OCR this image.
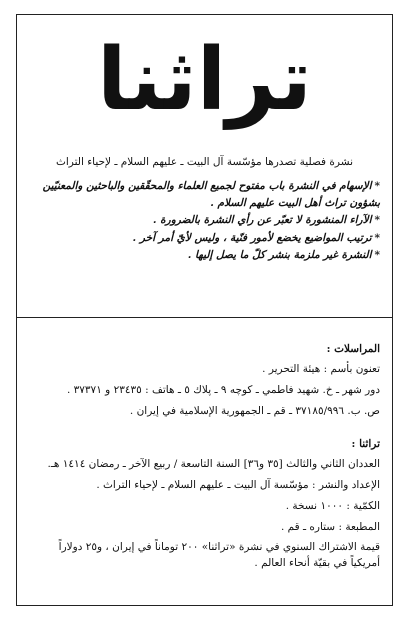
تراثنا
نشرة فصلية تصدرها مؤسّسة آل البيت ـ عليهم السلام ـ لإحياء التراث

*الإسهام في النشرة باب مفتوح لجميع العلماء والمحقّقين والباحثين والمعنيّين بشؤون تراث أهل البيت عليهم السلام .

*الآراء المنشورة لا تعبّر عن رأي النشرة بالضرورة .

*ترتيب المواضيع يخضع لأمور فنّية ، وليس لأيّ أمر آخر .

*النشرة غير ملزمة بنشر كلّ ما يصل إليها .

المراسلات :

تعنون بأسم : هيئة التحرير .

دور شهر ـ خ. شهيد فاطمي ـ كوچه ۹ ـ پلاك ٥ ـ هاتف : ٢٣٤٣٥ و ٣٧٣٧١ .

ص. ب. ٣٧١٨٥/٩٩٦ ـ قم ـ الجمهورية الإسلامية في إيران .

تراثنا :

العددان الثاني والثالث [٣٥ و٣٦] السنة التاسعة / ربيع الآخر ـ رمضان ١٤١٤ هـ.

الإعداد والنشر : مؤسّسة آل البيت ـ عليهم السلام ـ لإحياء التراث .

الكمّية : ١٠٠٠ نسخة .

المطبعة : ستاره ـ قم .

قيمة الاشتراك السنوي في نشرة «تراثنا» ٢٠٠ توماناً في إيران ، و٢٥ دولاراً أمريكياً في بقيّة أنحاء العالم .
